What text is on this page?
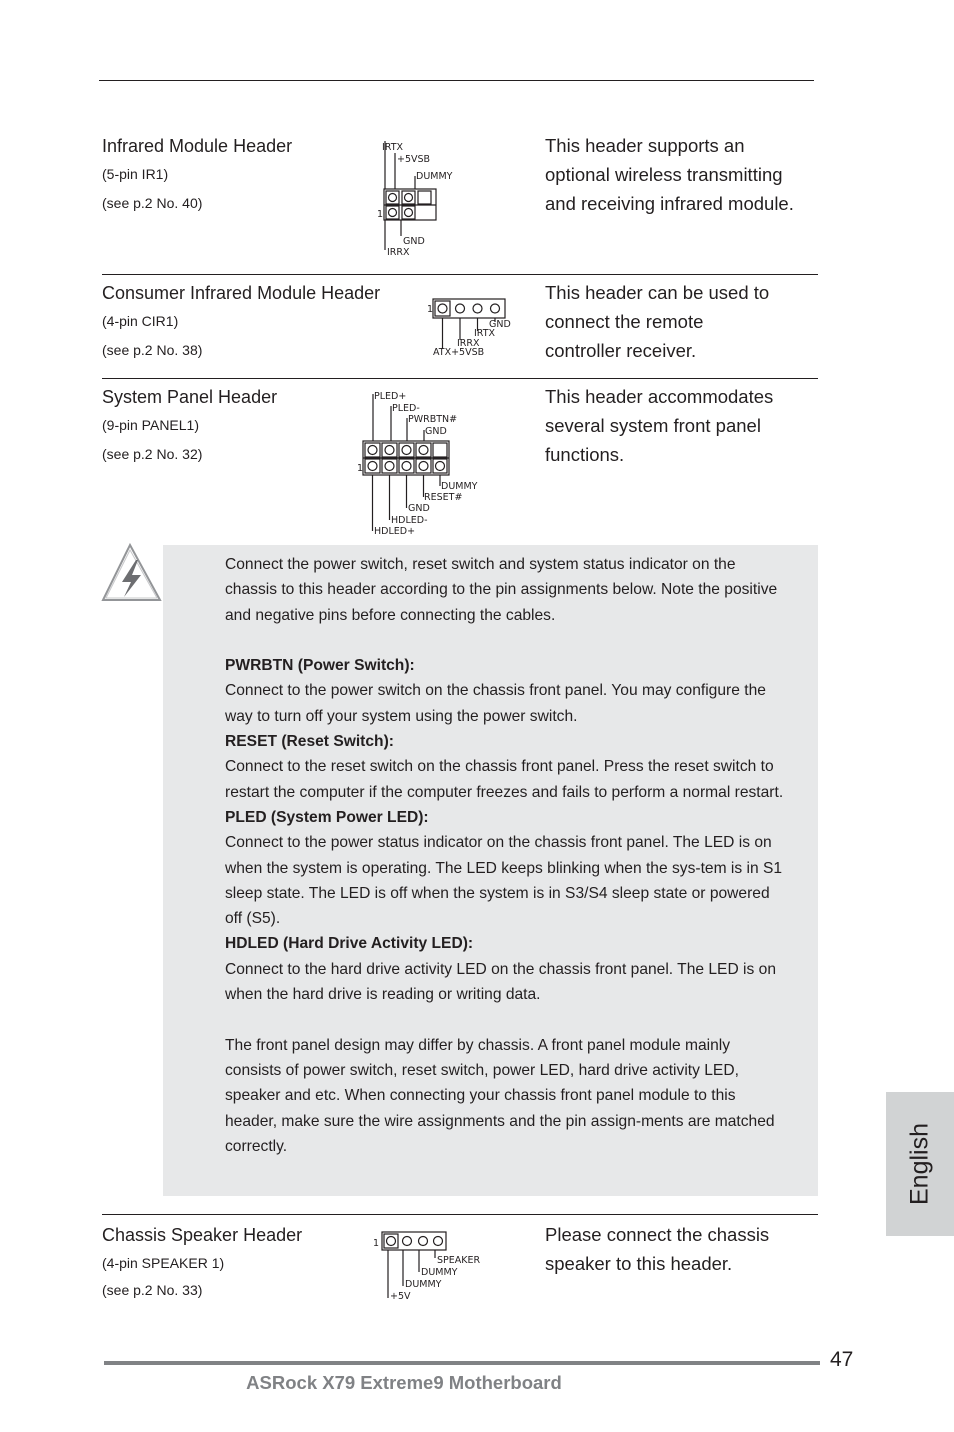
Infrared Module Header
(5-pin IR1)
(see p.2 No. 40)
This header supports an
optional wireless transmitting
and receiving infrared module.
IRTX
+5VSB
DUMMY
1
GND
IRRX
Consumer Infrared Module Header
(4-pin CIR1)
(see p.2 No. 38)
This header can be used to
connect the remote
controller receiver.
1
GND
IRTX
IRRX
ATX+5VSB
System Panel Header
(9-pin PANEL1)
(see p.2 No. 32)
This header accommodates
several system front panel
functions.
PLED+
PLED-
PWRBTN#
GND
1
DUMMY
RESET#
GND
HDLED-
HDLED+

Connect the power switch, reset switch and system status indicator on the chassis to this header according to the pin assignments below. Note the positive and negative pins before connecting the cables.

PWRBTN (Power Switch):

Connect to the power switch on the chassis front panel. You may configure the way to turn off your system using the power switch.

RESET (Reset Switch):

Connect to the reset switch on the chassis front panel. Press the reset switch to restart the computer if the computer freezes and fails to perform a normal restart.

PLED (System Power LED):

Connect to the power status indicator on the chassis front panel. The LED is on when the system is operating. The LED keeps blinking when the sys-tem is in S1 sleep state. The LED is off when the system is in S3/S4 sleep state or powered off (S5).

HDLED (Hard Drive Activity LED):

Connect to the hard drive activity LED on the chassis front panel. The LED is on when the hard drive is reading or writing data.

The front panel design may differ by chassis. A front panel module mainly consists of power switch, reset switch, power LED, hard drive activity LED, speaker and etc. When connecting your chassis front panel module to this header, make sure the wire assignments and the pin assign-ments are matched correctly.

Chassis Speaker Header
(4-pin SPEAKER 1)
(see p.2 No. 33)
Please connect the chassis
speaker to this header.
1
SPEAKER
DUMMY
DUMMY
+5V
English
47
ASRock X79 Extreme9 Motherboard
